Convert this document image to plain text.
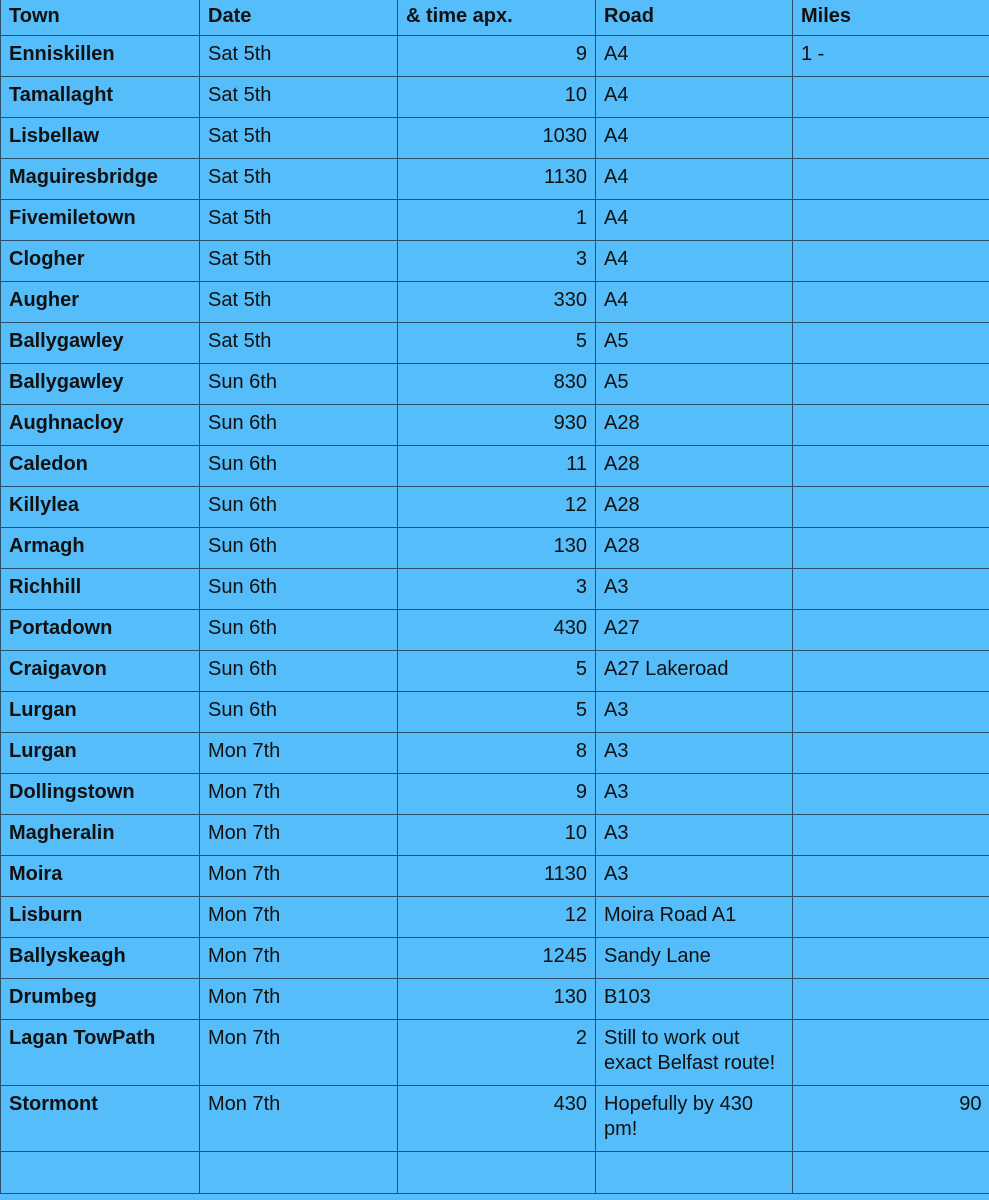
Town	Date	& time apx.	Road	Miles
Enniskillen	Sat 5th	9	A4	1 -
Tamallaght	Sat 5th	10	A4	
Lisbellaw	Sat 5th	1030	A4	
Maguiresbridge	Sat 5th	1130	A4	
Fivemiletown	Sat 5th	1	A4	
Clogher	Sat 5th	3	A4	
Augher	Sat 5th	330	A4	
Ballygawley	Sat 5th	5	A5	
Ballygawley	Sun 6th	830	A5	
Aughnacloy	Sun 6th	930	A28	
Caledon	Sun 6th	11	A28	
Killylea	Sun 6th	12	A28	
Armagh	Sun 6th	130	A28	
Richhill	Sun 6th	3	A3	
Portadown	Sun 6th	430	A27	
Craigavon	Sun 6th	5	A27 Lakeroad	
Lurgan	Sun 6th	5	A3	
Lurgan	Mon 7th	8	A3	
Dollingstown	Mon 7th	9	A3	
Magheralin	Mon 7th	10	A3	
Moira	Mon 7th	1130	A3	
Lisburn	Mon 7th	12	Moira Road A1	
Ballyskeagh	Mon 7th	1245	Sandy Lane	
Drumbeg	Mon 7th	130	B103	
Lagan TowPath	Mon 7th	2	Still to work out exact Belfast route!	
Stormont	Mon 7th	430	Hopefully by 430 pm!	90
